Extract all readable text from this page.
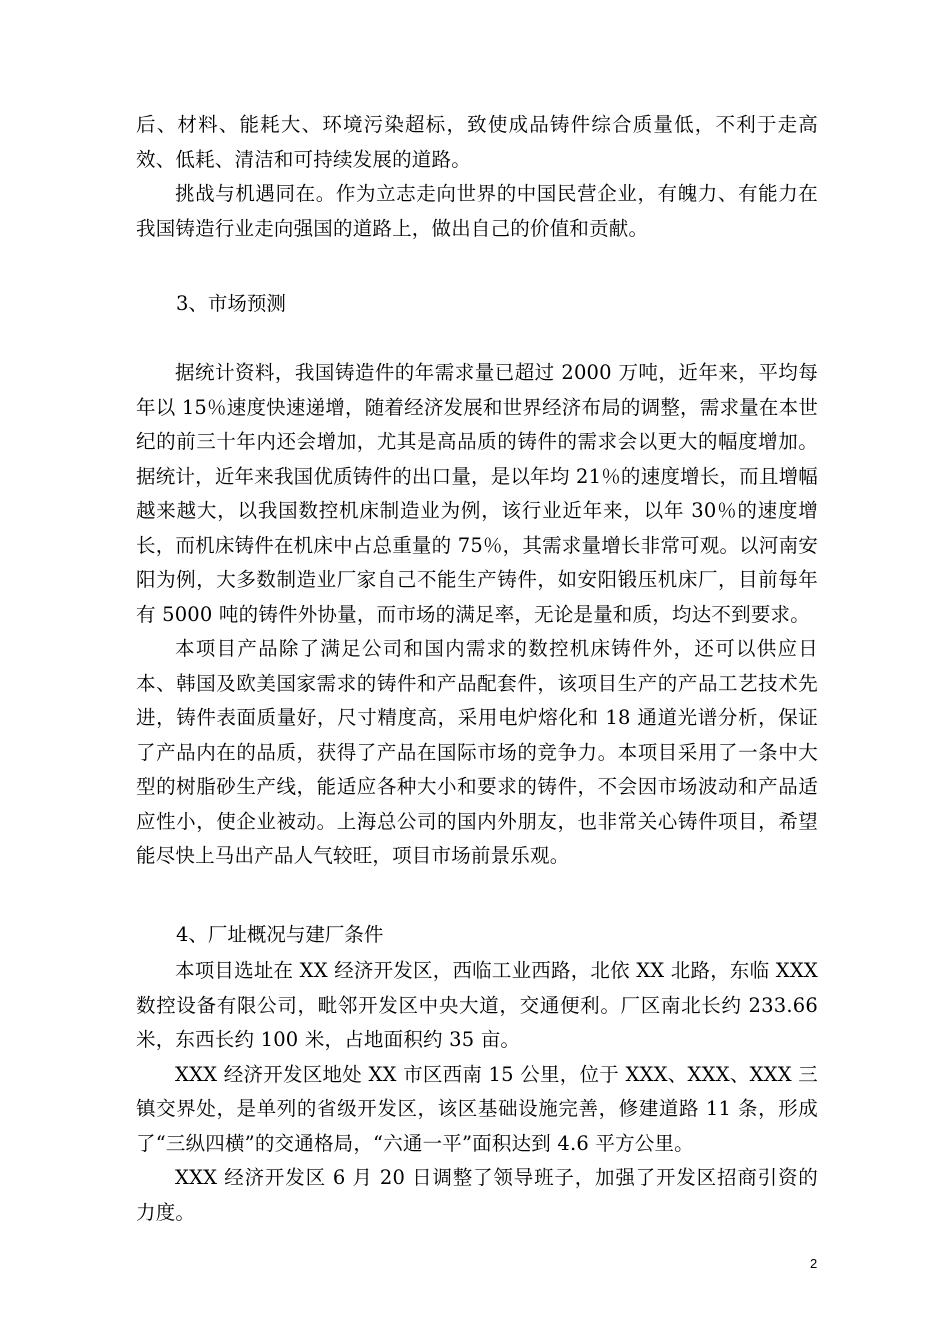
后、材料、能耗大、环境污染超标，致使成品铸件综合质量低，不利于走高效、低耗、清洁和可持续发展的道路。

挑战与机遇同在。作为立志走向世界的中国民营企业，有魄力、有能力在我国铸造行业走向强国的道路上，做出自己的价值和贡献。

3、市场预测

据统计资料，我国铸造件的年需求量已超过 2000 万吨，近年来，平均每年以 15％速度快速递增，随着经济发展和世界经济布局的调整，需求量在本世纪的前三十年内还会增加，尤其是高品质的铸件的需求会以更大的幅度增加。据统计，近年来我国优质铸件的出口量，是以年均 21％的速度增长，而且增幅越来越大，以我国数控机床制造业为例，该行业近年来，以年 30％的速度增长，而机床铸件在机床中占总重量的 75％，其需求量增长非常可观。以河南安阳为例，大多数制造业厂家自己不能生产铸件，如安阳锻压机床厂，目前每年有 5000 吨的铸件外协量，而市场的满足率，无论是量和质，均达不到要求。

本项目产品除了满足公司和国内需求的数控机床铸件外，还可以供应日本、韩国及欧美国家需求的铸件和产品配套件，该项目生产的产品工艺技术先进，铸件表面质量好，尺寸精度高，采用电炉熔化和 18 通道光谱分析，保证了产品内在的品质，获得了产品在国际市场的竞争力。本项目采用了一条中大型的树脂砂生产线，能适应各种大小和要求的铸件，不会因市场波动和产品适应性小，使企业被动。上海总公司的国内外朋友，也非常关心铸件项目，希望能尽快上马出产品人气较旺，项目市场前景乐观。

4、厂址概况与建厂条件

本项目选址在 XX 经济开发区，西临工业西路，北依 XX 北路，东临 XXX 数控设备有限公司，毗邻开发区中央大道，交通便利。厂区南北长约 233.66 米，东西长约 100 米，占地面积约 35 亩。

XXX 经济开发区地处 XX 市区西南 15 公里，位于 XXX、XXX、XXX 三镇交界处，是单列的省级开发区，该区基础设施完善，修建道路 11 条，形成了“三纵四横”的交通格局，“六通一平”面积达到 4.6 平方公里。

XXX 经济开发区 6 月 20 日调整了领导班子，加强了开发区招商引资的力度。

2
